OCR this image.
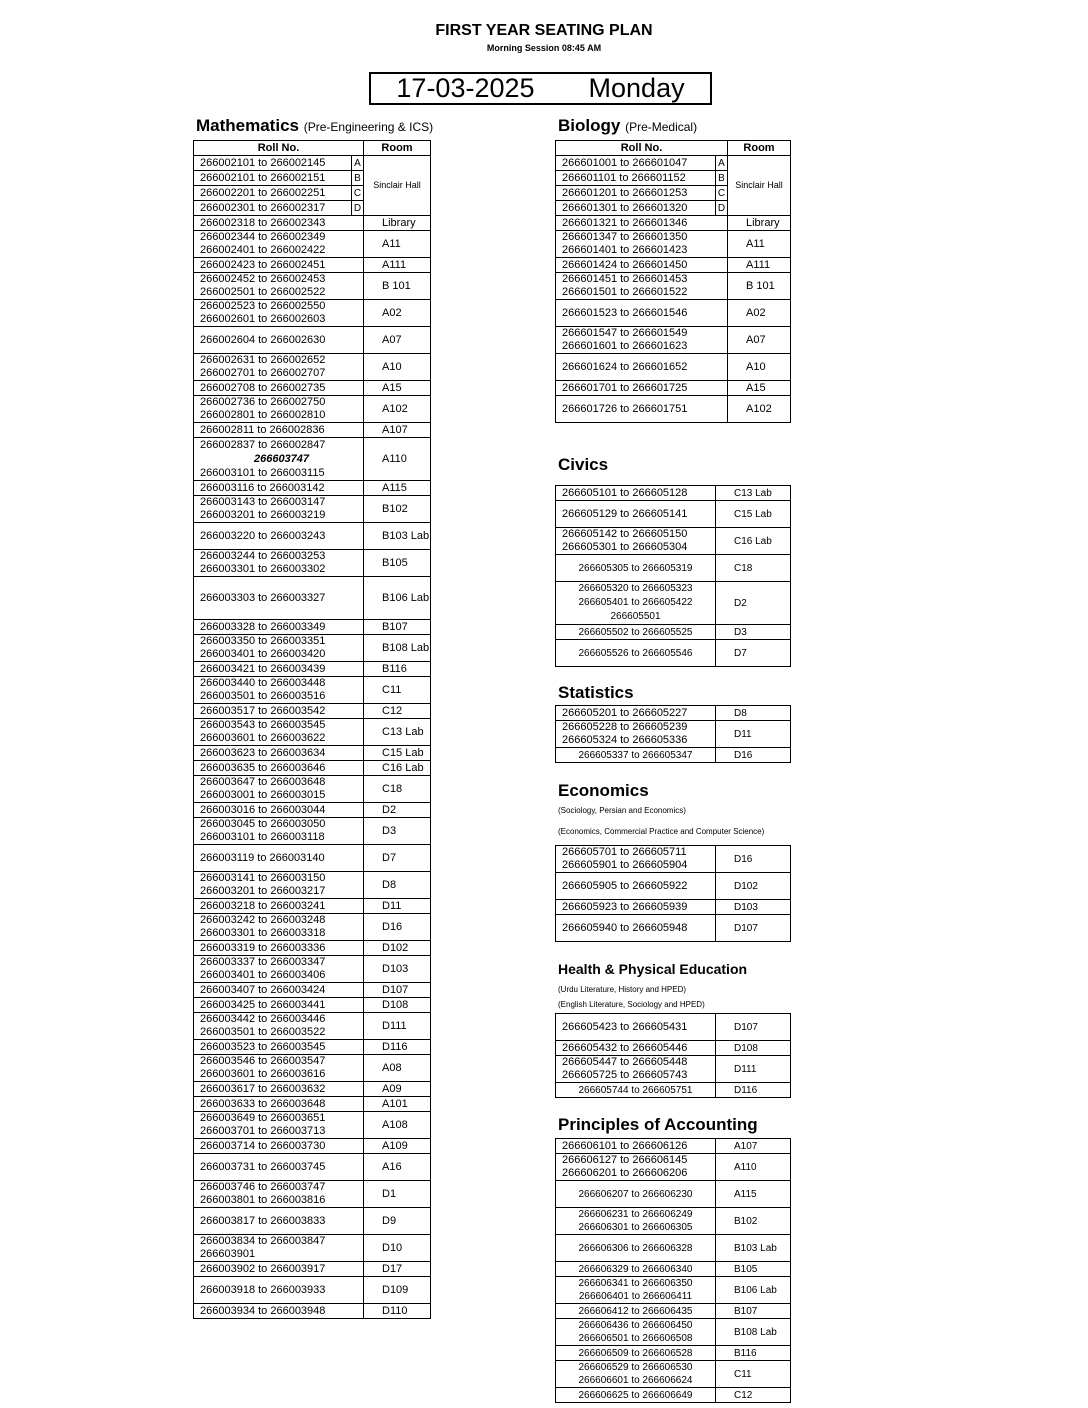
FIRST YEAR SEATING PLAN
Morning Session 08:45 AM
17-03-2025 Monday
Mathematics (Pre-Engineering & ICS)
Roll No.		Room
266002101 to 266002145	A	Sinclair Hall
266002101 to 266002151	B	
266002201 to 266002251	C	
266002301 to 266002317	D	

266002318 to 266002343		Library

266002344 to 266002349
266002401 to 266002422		A11

266002423 to 266002451		A111

266002452 to 266002453
266002501 to 266002522		B 101

266002523 to 266002550
266002601 to 266002603		A02

266002604 to 266002630		A07

266002631 to 266002652
266002701 to 266002707		A10

266002708 to 266002735		A15

266002736 to 266002750
266002801 to 266002810		A102

266002811 to 266002836		A107

266002837 to 266002847
266603747
266003101 to 266003115		A110

266003116 to 266003142		A115

266003143 to 266003147
266003201 to 266003219		B102

266003220 to 266003243		B103 Lab

266003244 to 266003253
266003301 to 266003302		B105

266003303 to 266003327		B106 Lab

266003328 to 266003349		B107

266003350 to 266003351
266003401 to 266003420		B108 Lab

266003421 to 266003439		B116

266003440 to 266003448
266003501 to 266003516		C11

266003517 to 266003542		C12

266003543 to 266003545
266003601 to 266003622		C13 Lab

266003623 to 266003634		C15 Lab

266003635 to 266003646		C16 Lab

266003647 to 266003648
266003001 to 266003015		C18

266003016 to 266003044		D2

266003045 to 266003050
266003101 to 266003118		D3

266003119 to 266003140		D7

266003141 to 266003150
266003201 to 266003217		D8

266003218 to 266003241		D11

266003242 to 266003248
266003301 to 266003318		D16

266003319 to 266003336		D102

266003337 to 266003347
266003401 to 266003406		D103

266003407 to 266003424		D107

266003425 to 266003441		D108

266003442 to 266003446
266003501 to 266003522		D111

266003523 to 266003545		D116

266003546 to 266003547
266003601 to 266003616		A08

266003617 to 266003632		A09

266003633 to 266003648		A101

266003649 to 266003651
266003701 to 266003713		A108

266003714 to 266003730		A109

266003731 to 266003745		A16

266003746 to 266003747
266003801 to 266003816		D1

266003817 to 266003833		D9

266003834 to 266003847
266603901		D10

266003902 to 266003917		D17

266003918 to 266003933		D109

266003934 to 266003948		D110
Biology (Pre-Medical)
Roll No.		Room
266601001 to 266601047	A	Sinclair Hall
266601101 to 266601152	B	
266601201 to 266601253	C	
266601301 to 266601320	D	

266601321 to 266601346		Library

266601347 to 266601350
266601401 to 266601423		A11

266601424 to 266601450		A111

266601451 to 266601453
266601501 to 266601522		B 101

266601523 to 266601546		A02

266601547 to 266601549
266601601 to 266601623		A07

266601624 to 266601652		A10

266601701 to 266601725		A15

266601726 to 266601751		A102
Civics
266605101 to 266605128	C13 Lab

266605129 to 266605141	C15 Lab

266605142 to 266605150
266605301 to 266605304	C16 Lab

266605305 to 266605319	C18

266605320 to 266605323
266605401 to 266605422
266605501	D2

266605502 to 266605525	D3

266605526 to 266605546	D7
Statistics
266605201 to 266605227	D8

266605228 to 266605239
266605324 to 266605336	D11

266605337 to 266605347	D16
Economics
(Sociology, Persian and Economics)
(Economics, Commercial Practice and Computer Science)
266605701 to 266605711
266605901 to 266605904	D16

266605905 to 266605922	D102

266605923 to 266605939	D103

266605940 to 266605948	D107
Health & Physical Education
(Urdu Literature, History and HPED)
(English Literature, Sociology and HPED)
266605423 to 266605431	D107

266605432 to 266605446	D108

266605447 to 266605448
266605725 to 266605743	D111

266605744 to 266605751	D116
Principles of Accounting
266606101 to 266606126	A107

266606127 to 266606145
266606201 to 266606206	A110

266606207 to 266606230	A115

266606231 to 266606249
266606301 to 266606305	B102

266606306 to 266606328	B103 Lab

266606329 to 266606340	B105

266606341 to 266606350
266606401 to 266606411	B106 Lab

266606412 to 266606435	B107

266606436 to 266606450
266606501 to 266606508	B108 Lab

266606509 to 266606528	B116

266606529 to 266606530
266606601 to 266606624	C11

266606625 to 266606649	C12
